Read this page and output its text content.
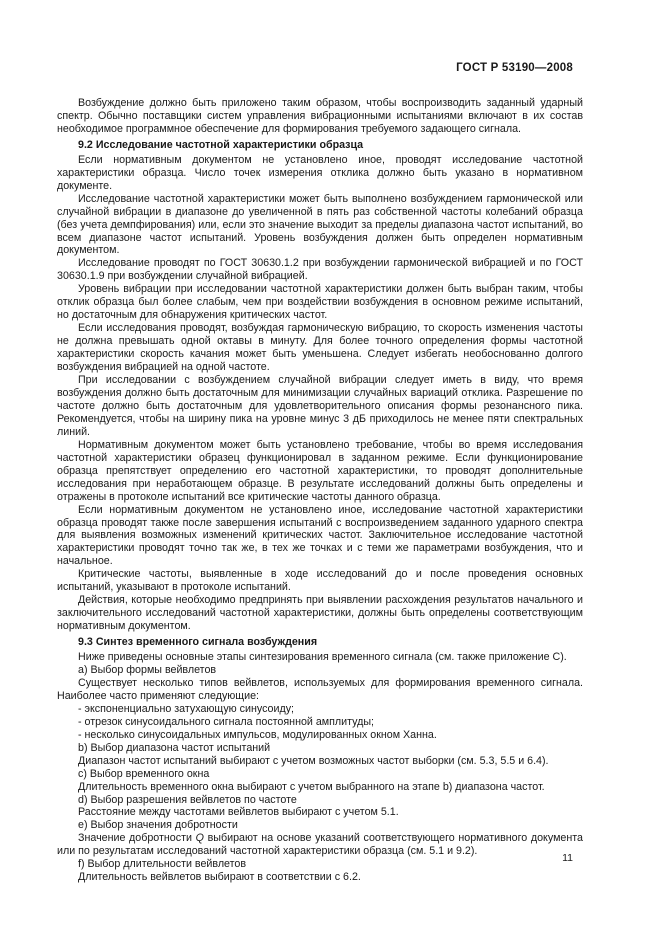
ГОСТ Р 53190—2008

Возбуждение должно быть приложено таким образом, чтобы воспроизводить заданный ударный спектр. Обычно поставщики систем управления вибрационными испытаниями включают в их состав необходимое программное обеспечение для формирования требуемого задающего сигнала.

9.2 Исследование частотной характеристики образца

Если нормативным документом не установлено иное, проводят исследование частотной характеристики образца. Число точек измерения отклика должно быть указано в нормативном документе.

Исследование частотной характеристики может быть выполнено возбуждением гармонической или случайной вибрации в диапазоне до увеличенной в пять раз собственной частоты колебаний образца (без учета демпфирования) или, если это значение выходит за пределы диапазона частот испытаний, во всем диапазоне частот испытаний. Уровень возбуждения должен быть определен нормативным документом.

Исследование проводят по ГОСТ 30630.1.2 при возбуждении гармонической вибрацией и по ГОСТ 30630.1.9 при возбуждении случайной вибрацией.

Уровень вибрации при исследовании частотной характеристики должен быть выбран таким, чтобы отклик образца был более слабым, чем при воздействии возбуждения в основном режиме испытаний, но достаточным для обнаружения критических частот.

Если исследования проводят, возбуждая гармоническую вибрацию, то скорость изменения частоты не должна превышать одной октавы в минуту. Для более точного определения формы частотной характеристики скорость качания может быть уменьшена. Следует избегать необоснованно долгого возбуждения вибрацией на одной частоте.

При исследовании с возбуждением случайной вибрации следует иметь в виду, что время возбуждения должно быть достаточным для минимизации случайных вариаций отклика. Разрешение по частоте должно быть достаточным для удовлетворительного описания формы резонансного пика. Рекомендуется, чтобы на ширину пика на уровне минус 3 дБ приходилось не менее пяти спектральных линий.

Нормативным документом может быть установлено требование, чтобы во время исследования частотной характеристики образец функционировал в заданном режиме. Если функционирование образца препятствует определению его частотной характеристики, то проводят дополнительные исследования при неработающем образце. В результате исследований должны быть определены и отражены в протоколе испытаний все критические частоты данного образца.

Если нормативным документом не установлено иное, исследование частотной характеристики образца проводят также после завершения испытаний с воспроизведением заданного ударного спектра для выявления возможных изменений критических частот. Заключительное исследование частотной характеристики проводят точно так же, в тех же точках и с теми же параметрами возбуждения, что и начальное.

Критические частоты, выявленные в ходе исследований до и после проведения основных испытаний, указывают в протоколе испытаний.

Действия, которые необходимо предпринять при выявлении расхождения результатов начального и заключительного исследований частотной характеристики, должны быть определены соответствующим нормативным документом.

9.3 Синтез временного сигнала возбуждения

Ниже приведены основные этапы синтезирования временного сигнала (см. также приложение С).

a) Выбор формы вейвлетов

Существует несколько типов вейвлетов, используемых для формирования временного сигнала. Наиболее часто применяют следующие:

- экспоненциально затухающую синусоиду;

- отрезок синусоидального сигнала постоянной амплитуды;

- несколько синусоидальных импульсов, модулированных окном Ханна.

b) Выбор диапазона частот испытаний

Диапазон частот испытаний выбирают с учетом возможных частот выборки (см. 5.3, 5.5 и 6.4).

c) Выбор временного окна

Длительность временного окна выбирают с учетом выбранного на этапе b) диапазона частот.

d) Выбор разрешения вейвлетов по частоте

Расстояние между частотами вейвлетов выбирают с учетом 5.1.

e) Выбор значения добротности

Значение добротности Q выбирают на основе указаний соответствующего нормативного документа или по результатам исследований частотной характеристики образца (см. 5.1 и 9.2).

f) Выбор длительности вейвлетов

Длительность вейвлетов выбирают в соответствии с 6.2.

11
